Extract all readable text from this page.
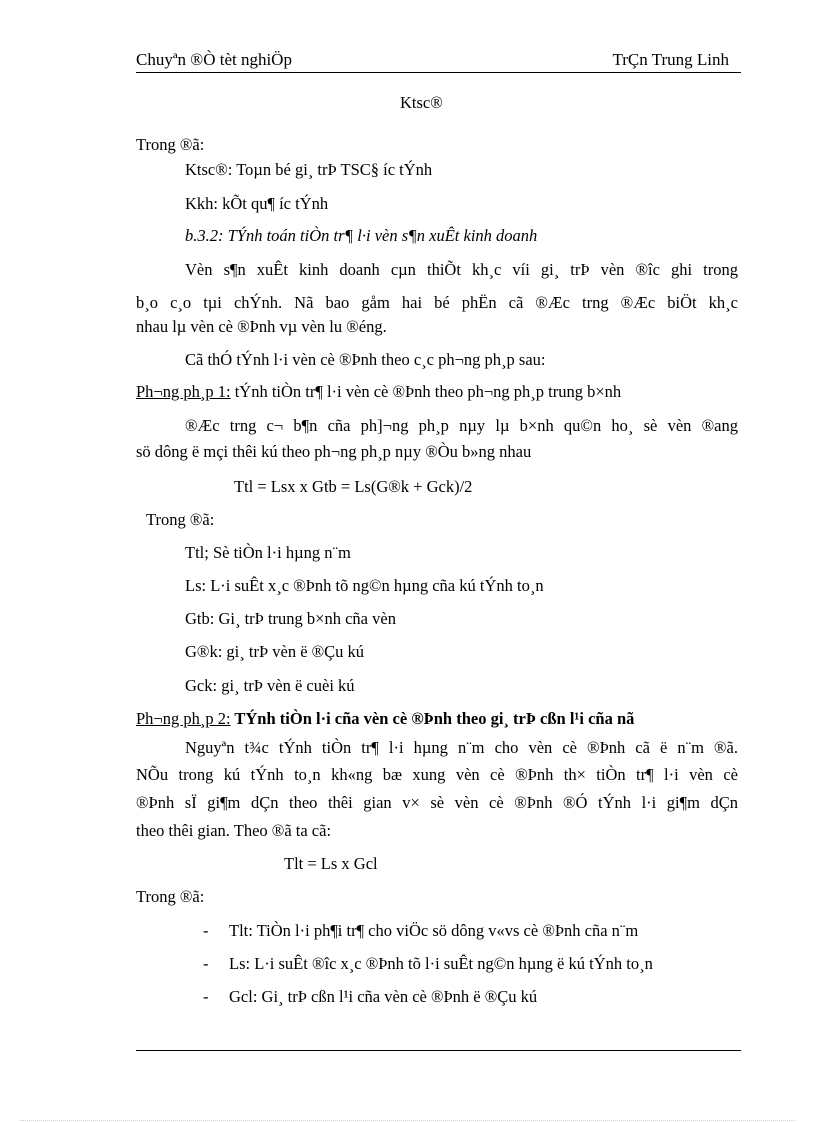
Chuyªn ®Ò tèt nghiÖp	TrÇn Trung Linh
Ktsc®
Trong ®ã:
Ktsc®: Toµn bé gi¸ trÞ TSC§ íc tÝnh
Kkh: kÕt qu¶ íc tÝnh
b.3.2: TÝnh toán tiÒn tr¶ l·i vèn s¶n xuÊt kinh doanh
Vèn s¶n xuÊt kinh doanh cµn thiÕt kh¸c víi gi¸ trÞ vèn ®îc ghi trong
b¸o c¸o tµi chÝnh. Nã bao gåm hai bé phËn cã ®Æc trng ®Æc biÖt kh¸c
nhau lµ vèn cè ®Þnh vµ vèn lu ®éng.
Cã thÓ tÝnh l·i vèn cè ®Þnh theo c¸c ph¬ng ph¸p sau:
Ph¬ng ph¸p 1: tÝnh tiÒn tr¶ l·i vèn cè ®Þnh theo ph¬ng ph¸p trung b×nh
®Æc trng c¬ b¶n cña ph]¬ng ph¸p nµy lµ b×nh qu©n ho¸ sè vèn ®ang
sö dông ë mçi thêi kú theo ph¬ng ph¸p nµy ®Òu b»ng nhau
Ttl = Lsx x Gtb = Ls(G®k + Gck)/2
Trong ®ã:
Ttl; Sè tiÒn l·i hµng n¨m
Ls: L·i suÊt x¸c ®Þnh tõ ng©n hµng cña kú tÝnh to¸n
Gtb: Gi¸ trÞ trung b×nh cña vèn
G®k: gi¸ trÞ vèn ë ®Çu kú
Gck: gi¸ trÞ vèn ë cuèi kú
Ph¬ng ph¸p 2: TÝnh tiÒn l·i cña vèn cè ®Þnh theo gi¸ trÞ cßn l¹i cña nã
Nguyªn t¾c tÝnh tiÒn tr¶ l·i hµng n¨m cho vèn cè ®Þnh cã ë n¨m ®ã.
NÕu trong kú tÝnh to¸n kh«ng bæ xung vèn cè ®Þnh th× tiÒn tr¶ l·i vèn cè
®Þnh sÏ gi¶m dÇn theo thêi gian v× sè vèn cè ®Þnh ®Ó tÝnh l·i gi¶m dÇn
theo thêi gian. Theo ®ã ta cã:
Tlt = Ls x Gcl
Trong ®ã:
- Tlt: TiÒn l·i ph¶i tr¶ cho viÖc sö dông v«vs cè ®Þnh cña n¨m
- Ls: L·i suÊt ®îc x¸c ®Þnh tõ l·i suÊt ng©n hµng ë kú tÝnh to¸n
- Gcl: Gi¸ trÞ cßn l¹i cña vèn cè ®Þnh ë ®Çu kú
